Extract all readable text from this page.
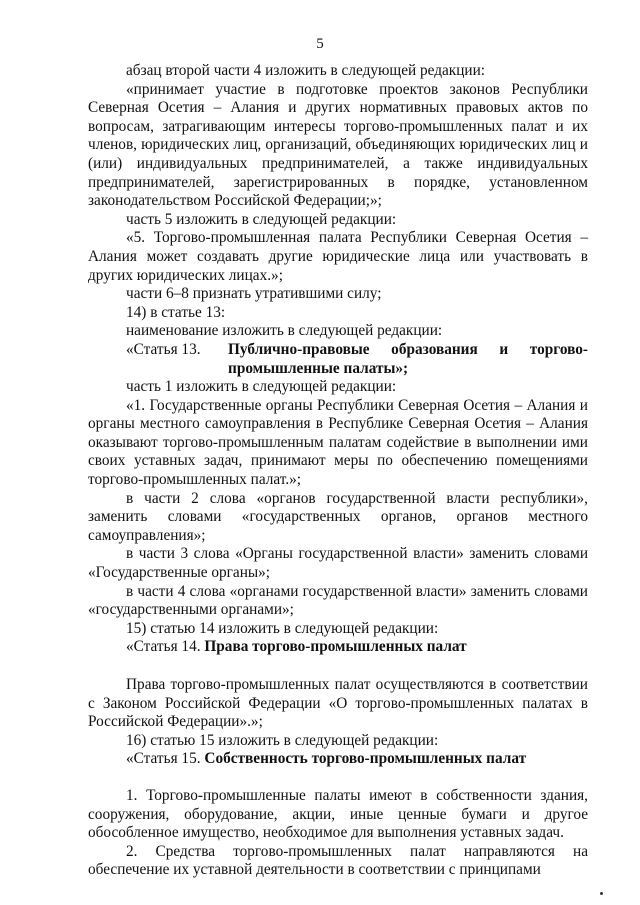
5

абзац второй части 4 изложить в следующей редакции:

«принимает участие в подготовке проектов законов Республики Северная Осетия – Алания и других нормативных правовых актов по вопросам, затрагивающим интересы торгово-промышленных палат и их членов, юридических лиц, организаций, объединяющих юридических лиц и (или) индивидуальных предпринимателей, а также индивидуальных предпринимателей, зарегистрированных в порядке, установленном законодательством Российской Федерации;»;

часть 5 изложить в следующей редакции:

«5. Торгово-промышленная палата Республики Северная Осетия – Алания может создавать другие юридические лица или участвовать в других юридических лицах.»;

части 6–8 признать утратившими силу;

14) в статье 13:

наименование изложить в следующей редакции:

«Статья 13.	Публично-правовые образования и торгово-
промышленные палаты»;

часть 1 изложить в следующей редакции:

«1. Государственные органы Республики Северная Осетия – Алания и органы местного самоуправления в Республике Северная Осетия – Алания оказывают торгово-промышленным палатам содействие в выполнении ими своих уставных задач, принимают меры по обеспечению помещениями торгово-промышленных палат.»;

в части 2 слова «органов государственной власти республики», заменить словами «государственных органов, органов местного самоуправления»;

в части 3 слова «Органы государственной власти» заменить словами «Государственные органы»;

в части 4 слова «органами государственной власти» заменить словами «государственными органами»;

15) статью 14 изложить в следующей редакции:

«Статья 14. Права торгово-промышленных палат

Права торгово-промышленных палат осуществляются в соответствии с Законом Российской Федерации «О торгово-промышленных палатах в Российской Федерации».»;

16) статью 15 изложить в следующей редакции:

«Статья 15. Собственность торгово-промышленных палат

1. Торгово-промышленные палаты имеют в собственности здания, сооружения, оборудование, акции, иные ценные бумаги и другое обособленное имущество, необходимое для выполнения уставных задач.

2. Средства торгово-промышленных палат направляются на обеспечение их уставной деятельности в соответствии с принципами
